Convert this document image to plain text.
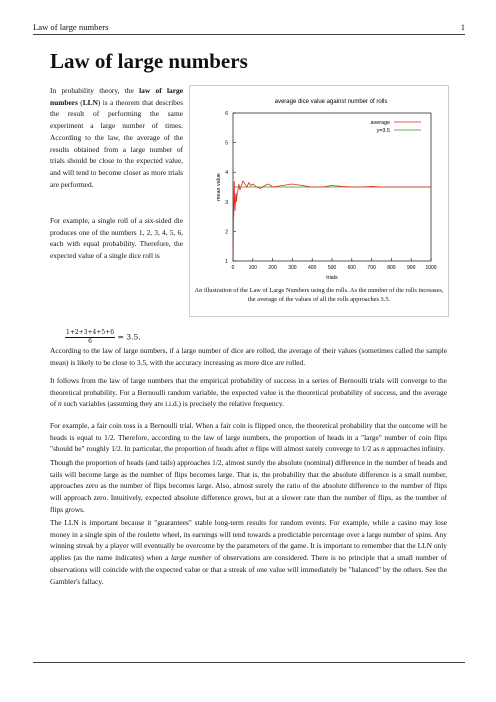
Law of large numbers	1
Law of large numbers

In probability theory, the law of large numbers (LLN) is a theorem that describes the result of performing the same experiment a large number of times. According to the law, the average of the results obtained from a large number of trials should be close to the expected value, and will tend to become closer as more trials are performed.

For example, a single roll of a six-sided die produces one of the numbers 1, 2, 3, 4, 5, 6, each with equal probability. Therefore, the expected value of a single dice roll is

average dice value against number of rolls
trials
mean value
0	100 200 300 400 500 600 700 800 900 1000
1
2
3
4
5
6
average
y=3.5
An illustration of the Law of Large Numbers using die rolls. As the number of die rolls increases, the average of the values of all the rolls approaches 3.5.
$\frac{1+2+3+4+5+6}{6} = 3.5$.

According to the law of large numbers, if a large number of dice are rolled, the average of their values (sometimes called the sample mean) is likely to be close to 3.5, with the accuracy increasing as more dice are rolled.

It follows from the law of large numbers that the empirical probability of success in a series of Bernoulli trials will converge to the theoretical probability. For a Bernoulli random variable, the expected value is the theoretical probability of success, and the average of n such variables (assuming they are i.i.d.) is precisely the relative frequency.

For example, a fair coin toss is a Bernoulli trial. When a fair coin is flipped once, the theoretical probability that the outcome will be heads is equal to 1/2. Therefore, according to the law of large numbers, the proportion of heads in a "large" number of coin flips "should be" roughly 1/2. In particular, the proportion of heads after n flips will almost surely converge to 1/2 as n approaches infinity.

Though the proportion of heads (and tails) approaches 1/2, almost surely the absolute (nominal) difference in the number of heads and tails will become large as the number of flips becomes large. That is, the probability that the absolute difference is a small number, approaches zero as the number of flips becomes large. Also, almost surely the ratio of the absolute difference to the number of flips will approach zero. Intuitively, expected absolute difference grows, but at a slower rate than the number of flips, as the number of flips grows.

The LLN is important because it "guarantees" stable long-term results for random events. For example, while a casino may lose money in a single spin of the roulette wheel, its earnings will tend towards a predictable percentage over a large number of spins. Any winning streak by a player will eventually be overcome by the parameters of the game. It is important to remember that the LLN only applies (as the name indicates) when a large number of observations are considered. There is no principle that a small number of observations will coincide with the expected value or that a streak of one value will immediately be "balanced" by the others. See the Gambler's fallacy.
